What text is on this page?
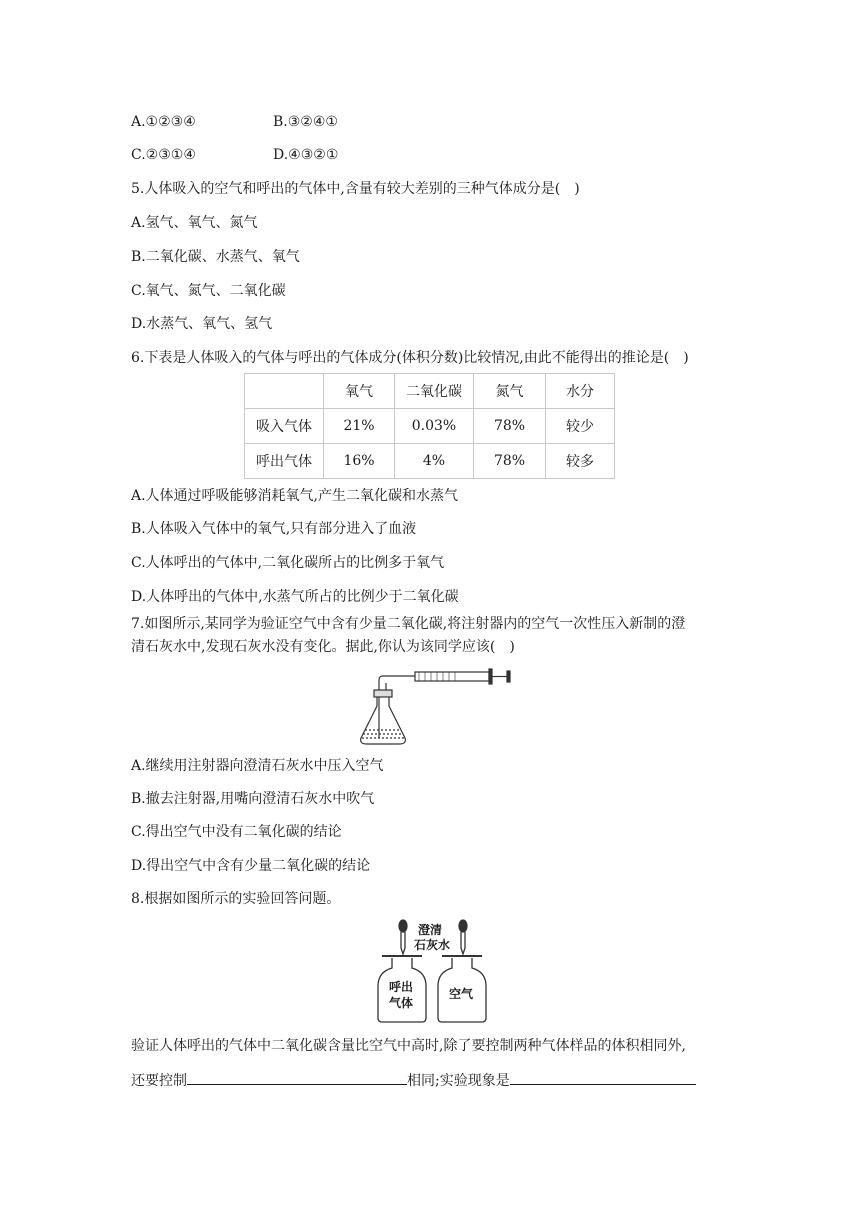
A.①②③④	B.③②④①
C.②③①④	D.④③②①
5.人体吸入的空气和呼出的气体中,含量有较大差别的三种气体成分是(　)
A.氢气、氧气、氮气
B.二氧化碳、水蒸气、氧气
C.氧气、氮气、二氧化碳
D.水蒸气、氧气、氢气
6.下表是人体吸入的气体与呼出的气体成分(体积分数)比较情况,由此不能得出的推论是(　)
	氧气	二氧化碳	氮气	水分
吸入气体	21%	0.03%	78%	较少
呼出气体	16%	4%	78%	较多
A.人体通过呼吸能够消耗氧气,产生二氧化碳和水蒸气
B.人体吸入气体中的氧气,只有部分进入了血液
C.人体呼出的气体中,二氧化碳所占的比例多于氧气
D.人体呼出的气体中,水蒸气所占的比例少于二氧化碳
7.如图所示,某同学为验证空气中含有少量二氧化碳,将注射器内的空气一次性压入新制的澄
清石灰水中,发现石灰水没有变化。据此,你认为该同学应该(　)
A.继续用注射器向澄清石灰水中压入空气
B.撤去注射器,用嘴向澄清石灰水中吹气
C.得出空气中没有二氧化碳的结论
D.得出空气中含有少量二氧化碳的结论
8.根据如图所示的实验回答问题。
澄清
石灰水
呼出
气体
空气
验证人体呼出的气体中二氧化碳含量比空气中高时,除了要控制两种气体样品的体积相同外,
还要控制	相同;实验现象是
